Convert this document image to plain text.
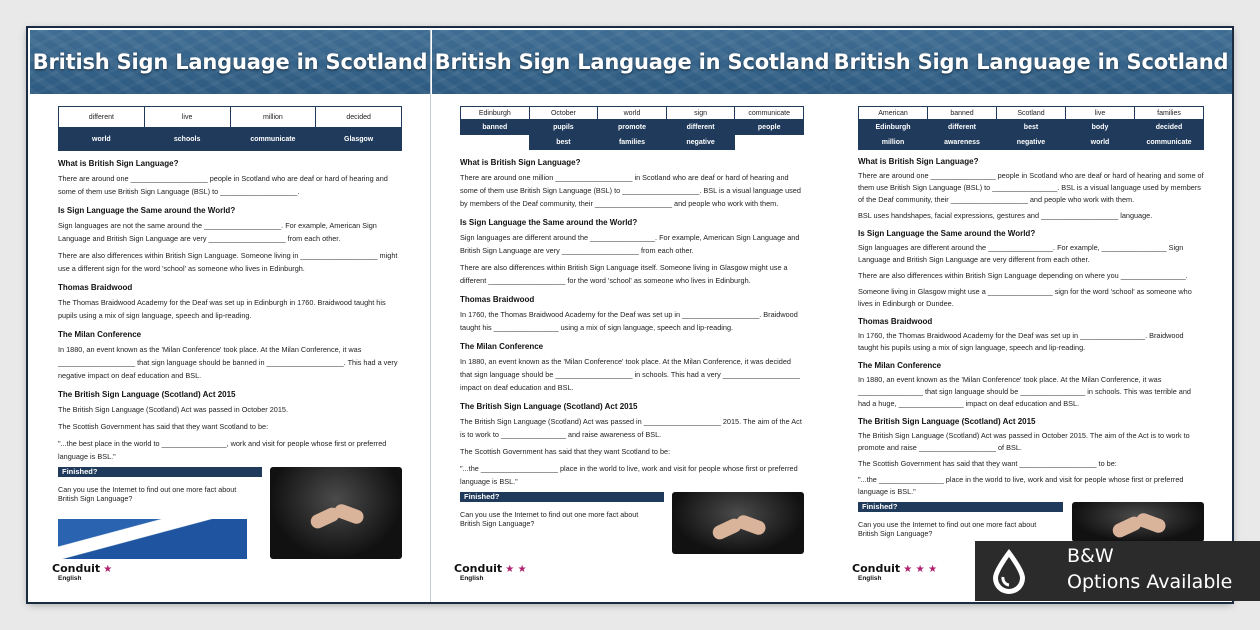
British Sign Language in Scotland
different	live	million	decided
world	schools	communicate	Glasgow
What is British Sign Language?

There are around one ___________________ people in Scotland who are deaf or hard of hearing and some of them use British Sign Language (BSL) to ___________________.

Is Sign Language the Same around the World?

Sign languages are not the same around the ___________________. For example, American Sign Language and British Sign Language are very ___________________ from each other.

There are also differences within British Sign Language. Someone living in ___________________ might use a different sign for the word 'school' as someone who lives in Edinburgh.

Thomas Braidwood

The Thomas Braidwood Academy for the Deaf was set up in Edinburgh in 1760. Braidwood taught his pupils using a mix of sign language, speech and lip-reading.

The Milan Conference

In 1880, an event known as the 'Milan Conference' took place. At the Milan Conference, it was ___________________ that sign language should be banned in ___________________. This had a very negative impact on deaf education and BSL.

The British Sign Language (Scotland) Act 2015

The British Sign Language (Scotland) Act was passed in October 2015.

The Scottish Government has said that they want Scotland to be:

"...the best place in the world to ________________, work and visit for people whose first or preferred language is BSL."

Finished?
Can you use the Internet to find out one more fact about British Sign Language?
Conduit ★
English
British Sign Language in Scotland
Edinburgh	October	world	sign	communicate
banned	pupils	promote	different	people
	best	families	negative	
What is British Sign Language?

There are around one million ___________________ in Scotland who are deaf or hard of hearing and some of them use British Sign Language (BSL) to ___________________. BSL is a visual language used by members of the Deaf community, their ___________________ and people who work with them.

Is Sign Language the Same around the World?

Sign languages are different around the ________________. For example, American Sign Language and British Sign Language are very ___________________ from each other.

There are also differences within British Sign Language itself. Someone living in Glasgow might use a different ___________________ for the word 'school' as someone who lives in Edinburgh.

Thomas Braidwood

In 1760, the Thomas Braidwood Academy for the Deaf was set up in ___________________. Braidwood taught his ________________ using a mix of sign language, speech and lip-reading.

The Milan Conference

In 1880, an event known as the 'Milan Conference' took place. At the Milan Conference, it was decided that sign language should be ___________________ in schools. This had a very ___________________ impact on deaf education and BSL.

The British Sign Language (Scotland) Act 2015

The British Sign Language (Scotland) Act was passed in ___________________ 2015. The aim of the Act is to work to ________________ and raise awareness of BSL.

The Scottish Government has said that they want Scotland to be:

"...the ___________________ place in the world to live, work and visit for people whose first or preferred language is BSL."

Finished?
Can you use the Internet to find out one more fact about British Sign Language?
Conduit ★ ★
English
British Sign Language in Scotland
American	banned	Scotland	live	families
Edinburgh	different	best	body	decided
million	awareness	negative	world	communicate
What is British Sign Language?

There are around one ________________ people in Scotland who are deaf or hard of hearing and some of them use British Sign Language (BSL) to ________________. BSL is a visual language used by members of the Deaf community, their ___________________ and people who work with them.

BSL uses handshapes, facial expressions, gestures and ___________________ language.

Is Sign Language the Same around the World?

Sign languages are different around the ________________. For example, ________________ Sign Language and British Sign Language are very different from each other.

There are also differences within British Sign Language depending on where you ________________.

Someone living in Glasgow might use a ________________ sign for the word 'school' as someone who lives in Edinburgh or Dundee.

Thomas Braidwood

In 1760, the Thomas Braidwood Academy for the Deaf was set up in ________________. Braidwood taught his pupils using a mix of sign language, speech and lip-reading.

The Milan Conference

In 1880, an event known as the 'Milan Conference' took place. At the Milan Conference, it was ________________ that sign language should be ________________ in schools. This was terrible and had a huge, ________________ impact on deaf education and BSL.

The British Sign Language (Scotland) Act 2015

The British Sign Language (Scotland) Act was passed in October 2015. The aim of the Act is to work to promote and raise ___________________ of BSL.

The Scottish Government has said that they want ___________________ to be:

"...the ________________ place in the world to live, work and visit for people whose first or preferred language is BSL."

Finished?
Can you use the Internet to find out one more fact about British Sign Language?
Conduit ★ ★ ★
English
B&W
Options Available
